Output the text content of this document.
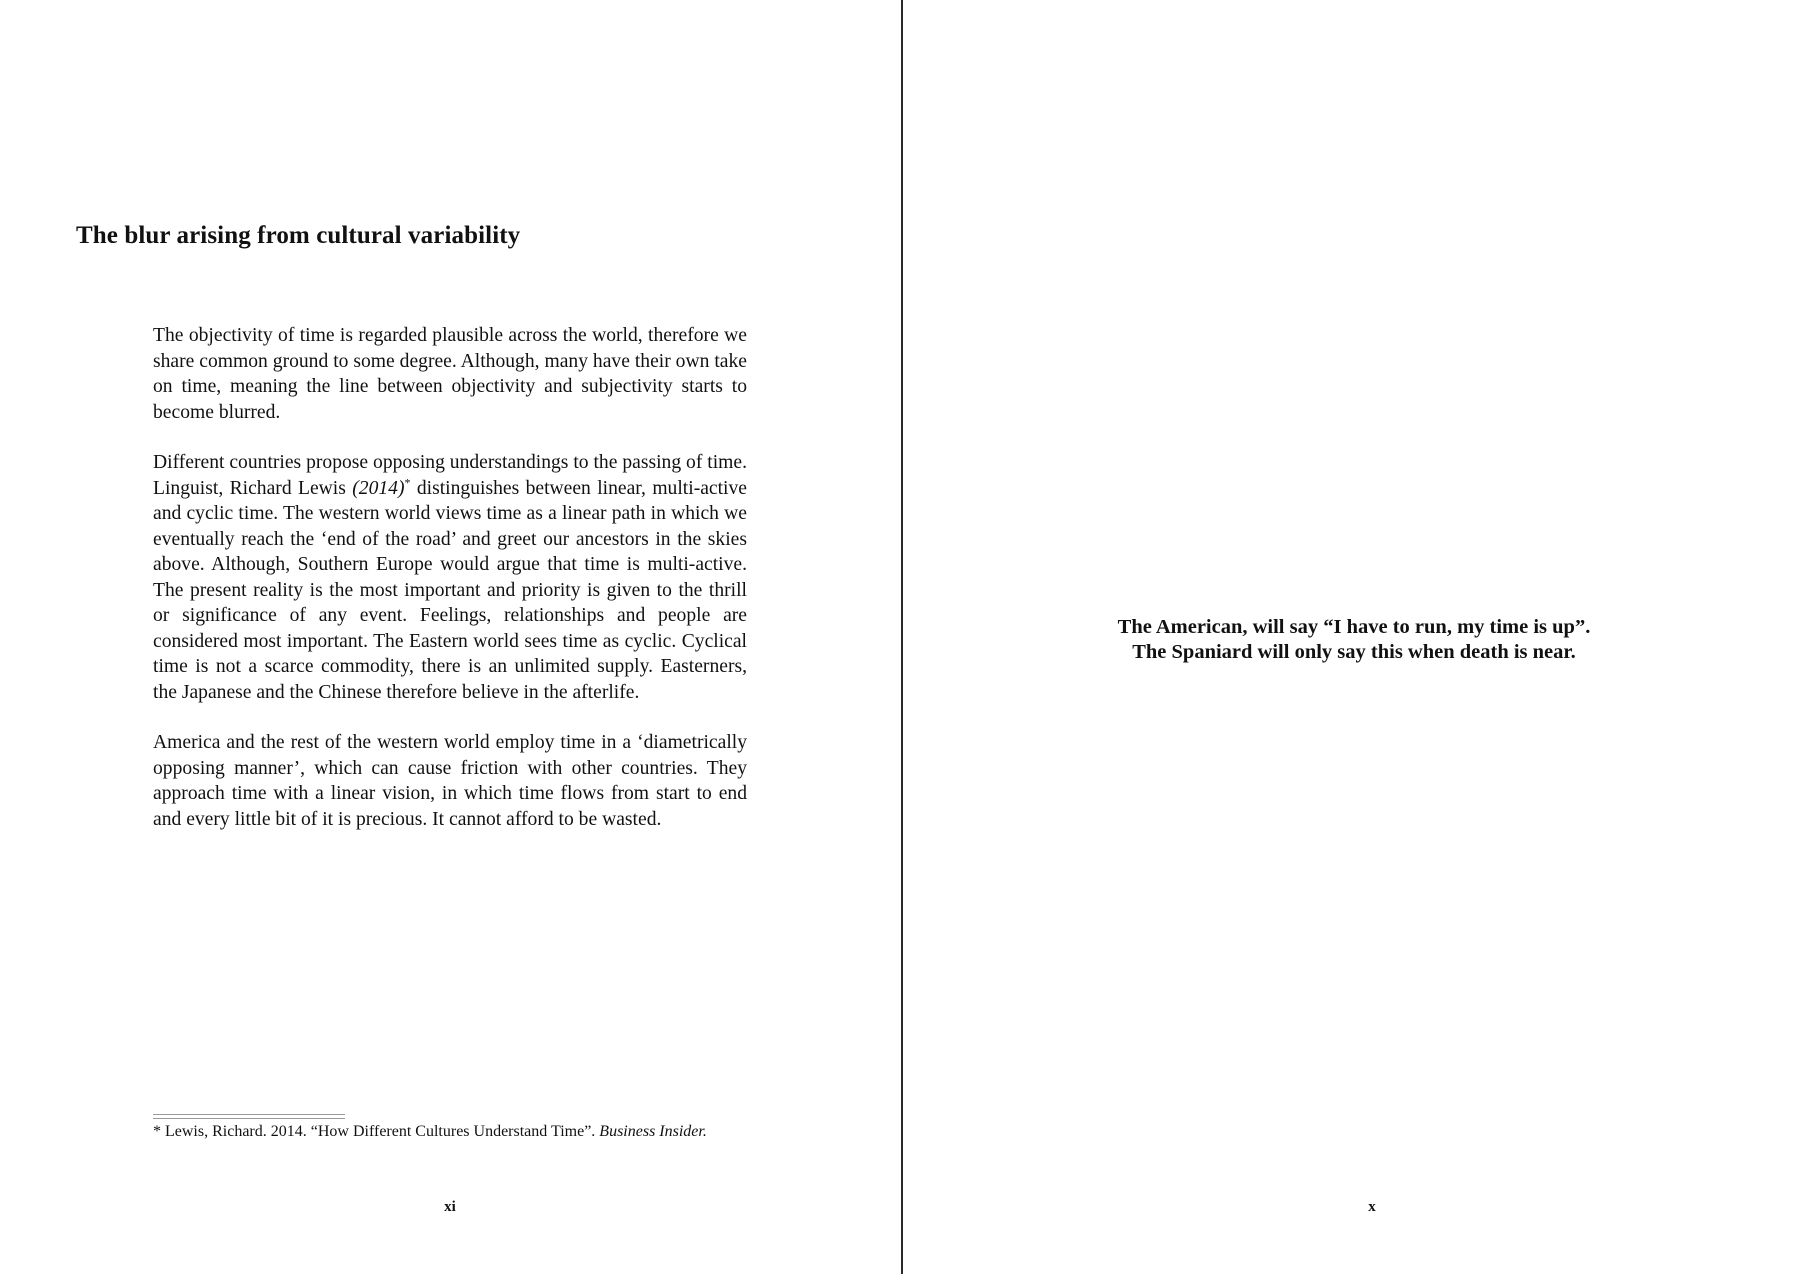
The blur arising from cultural variability

The objectivity of time is regarded plausible across the world, therefore we share common ground to some degree. Although, many have their own take on time, meaning the line between objectivity and subjectivity starts to become blurred.

Different countries propose opposing understandings to the passing of time. Linguist, Richard Lewis (2014)* distinguishes between linear, multi-active and cyclic time. The western world views time as a linear path in which we eventually reach the ‘end of the road’ and greet our ancestors in the skies above. Although, Southern Europe would argue that time is multi-active. The present reality is the most important and priority is given to the thrill or significance of any event. Feelings, relationships and people are considered most important. The Eastern world sees time as cyclic. Cyclical time is not a scarce commodity, there is an unlimited supply. Easterners, the Japanese and the Chinese therefore believe in the afterlife.

America and the rest of the western world employ time in a ‘diametrically opposing manner’, which can cause friction with other countries. They approach time with a linear vision, in which time flows from start to end and every little bit of it is precious. It cannot afford to be wasted.

* Lewis, Richard. 2014. “How Different Cultures Understand Time”. Business Insider.

xi

The American, will say “I have to run, my time is up”.
The Spaniard will only say this when death is near.

x
